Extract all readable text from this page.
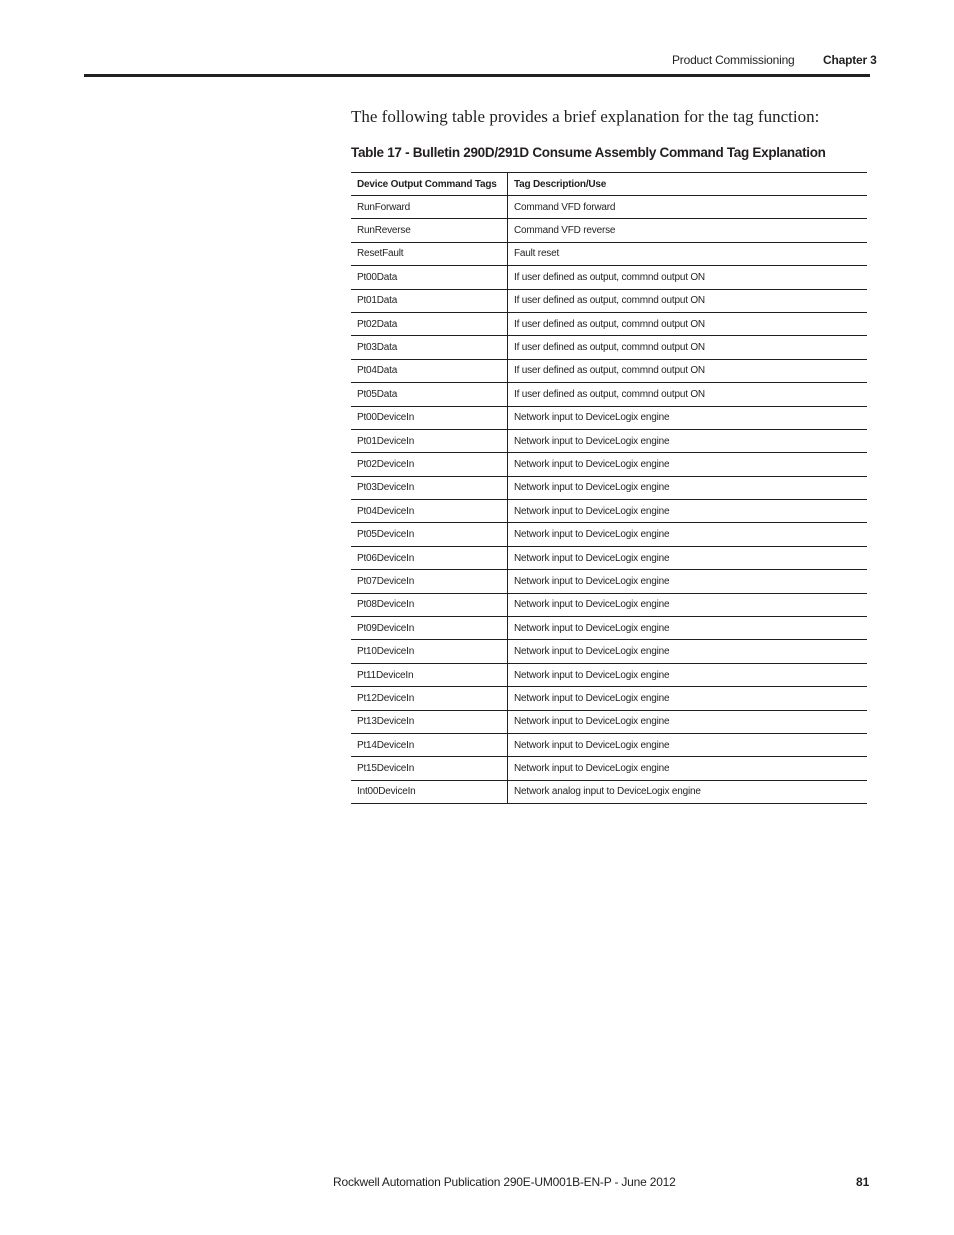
Product Commissioning Chapter 3

The following table provides a brief explanation for the tag function:

Table 17 - Bulletin 290D/291D Consume Assembly Command Tag Explanation
Device Output Command Tags	Tag Description/Use
RunForward	Command VFD forward
RunReverse	Command VFD reverse
ResetFault	Fault reset
Pt00Data	If user defined as output, commnd output ON
Pt01Data	If user defined as output, commnd output ON
Pt02Data	If user defined as output, commnd output ON
Pt03Data	If user defined as output, commnd output ON
Pt04Data	If user defined as output, commnd output ON
Pt05Data	If user defined as output, commnd output ON
Pt00DeviceIn	Network input to DeviceLogix engine
Pt01DeviceIn	Network input to DeviceLogix engine
Pt02DeviceIn	Network input to DeviceLogix engine
Pt03DeviceIn	Network input to DeviceLogix engine
Pt04DeviceIn	Network input to DeviceLogix engine
Pt05DeviceIn	Network input to DeviceLogix engine
Pt06DeviceIn	Network input to DeviceLogix engine
Pt07DeviceIn	Network input to DeviceLogix engine
Pt08DeviceIn	Network input to DeviceLogix engine
Pt09DeviceIn	Network input to DeviceLogix engine
Pt10DeviceIn	Network input to DeviceLogix engine
Pt11DeviceIn	Network input to DeviceLogix engine
Pt12DeviceIn	Network input to DeviceLogix engine
Pt13DeviceIn	Network input to DeviceLogix engine
Pt14DeviceIn	Network input to DeviceLogix engine
Pt15DeviceIn	Network input to DeviceLogix engine
Int00DeviceIn	Network analog input to DeviceLogix engine
Rockwell Automation Publication 290E-UM001B-EN-P - June 2012	81
